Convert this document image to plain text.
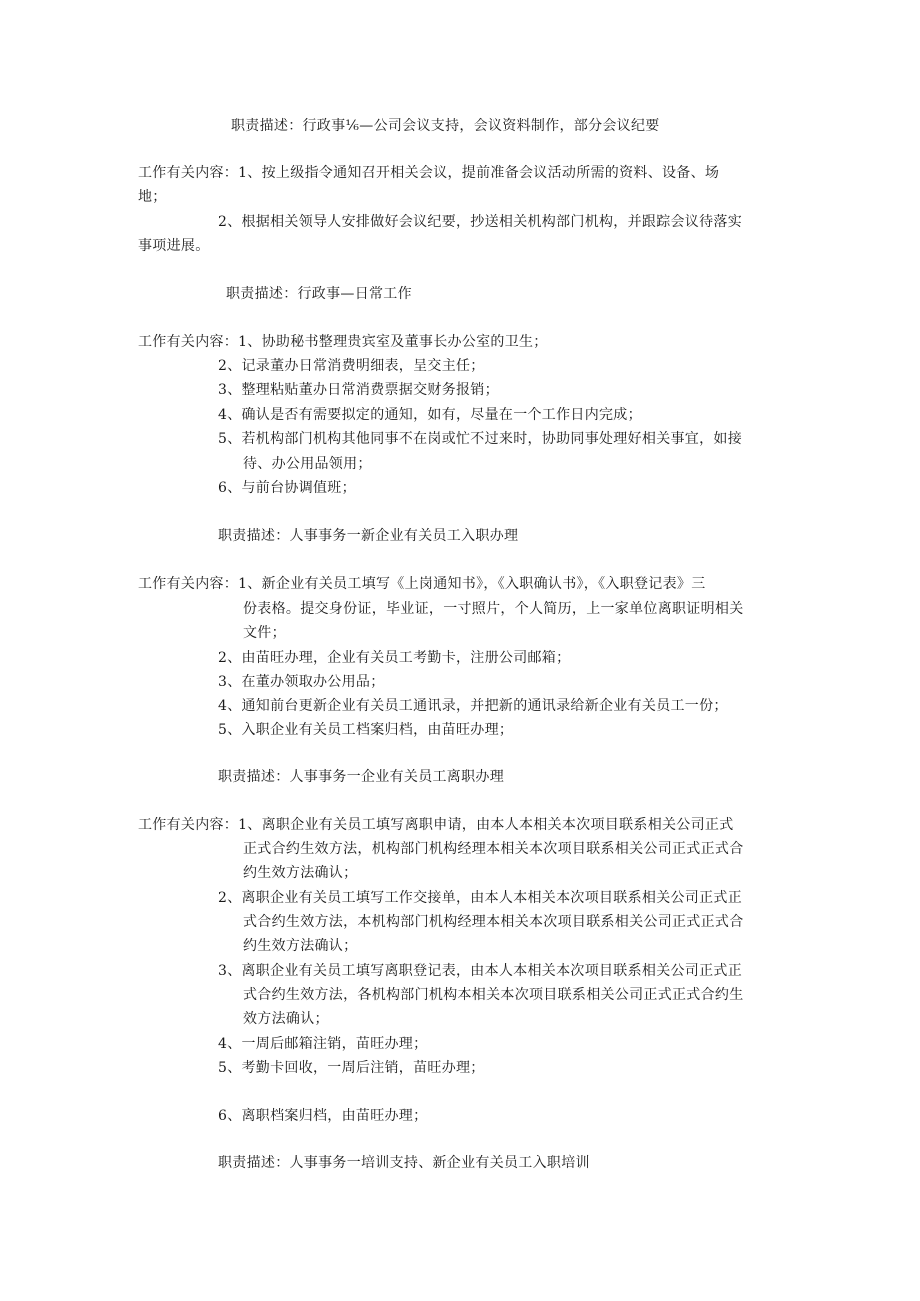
职责描述：行政事⅙—公司会议支持，会议资料制作，部分会议纪要
工作有关内容：1、按上级指令通知召开相关会议，提前准备会议活动所需的资料、设备、场
地；
2、根据相关领导人安排做好会议纪要，抄送相关机构部门机构，并跟踪会议待落实
事项进展。
职责描述：行政事—日常工作
工作有关内容：1、协助秘书整理贵宾室及董事长办公室的卫生；
2、记录董办日常消费明细表，呈交主任；
3、整理粘贴董办日常消费票据交财务报销；
4、确认是否有需要拟定的通知，如有，尽量在一个工作日内完成；
5、若机构部门机构其他同事不在岗或忙不过来时，协助同事处理好相关事宜，如接
待、办公用品领用；
6、与前台协调值班；
职责描述：人事事务一新企业有关员工入职办理
工作有关内容：1、新企业有关员工填写《上岗通知书》，《入职确认书》，《入职登记表》三
份表格。提交身份证，毕业证，一寸照片，个人简历，上一家单位离职证明相关
文件；
2、由苗旺办理，企业有关员工考勤卡，注册公司邮箱；
3、在董办领取办公用品；
4、通知前台更新企业有关员工通讯录，并把新的通讯录给新企业有关员工一份；
5、入职企业有关员工档案归档，由苗旺办理；
职责描述：人事事务一企业有关员工离职办理
工作有关内容：1、离职企业有关员工填写离职申请，由本人本相关本次项目联系相关公司正式
正式合约生效方法，机构部门机构经理本相关本次项目联系相关公司正式正式合
约生效方法确认；
2、离职企业有关员工填写工作交接单，由本人本相关本次项目联系相关公司正式正
式合约生效方法，本机构部门机构经理本相关本次项目联系相关公司正式正式合
约生效方法确认；
3、离职企业有关员工填写离职登记表，由本人本相关本次项目联系相关公司正式正
式合约生效方法，各机构部门机构本相关本次项目联系相关公司正式正式合约生
效方法确认；
4、一周后邮箱注销，苗旺办理；
5、考勤卡回收，一周后注销，苗旺办理；
6、离职档案归档，由苗旺办理；
职责描述：人事事务一培训支持、新企业有关员工入职培训
